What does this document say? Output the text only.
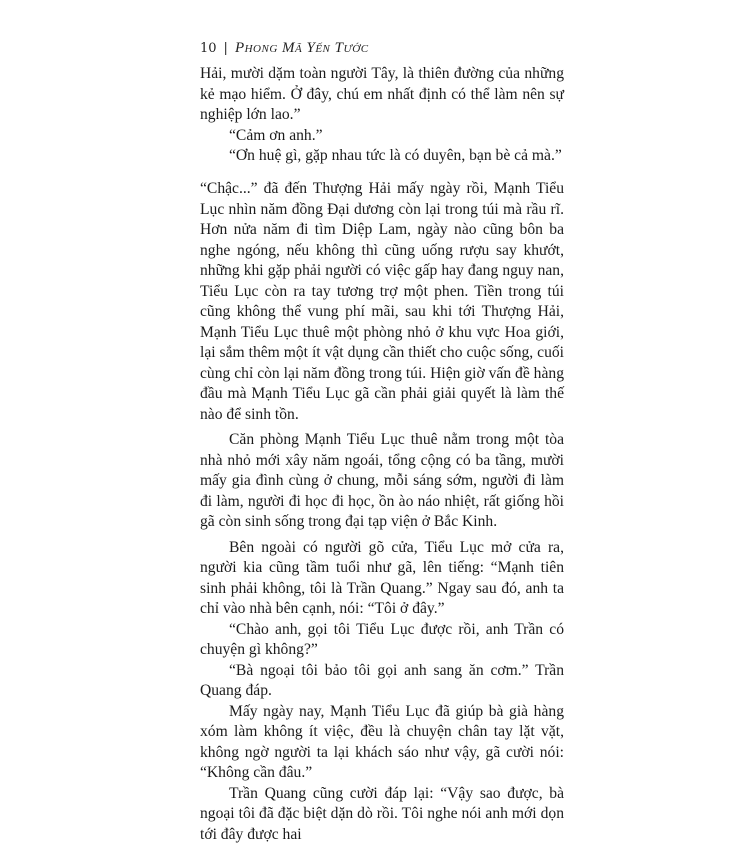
10 | Phong Mã Yến Tước

Hải, mười dặm toàn người Tây, là thiên đường của những kẻ mạo hiểm. Ở đây, chú em nhất định có thể làm nên sự nghiệp lớn lao.”

“Cảm ơn anh.”

“Ơn huệ gì, gặp nhau tức là có duyên, bạn bè cả mà.”

“Chậc...” đã đến Thượng Hải mấy ngày rồi, Mạnh Tiểu Lục nhìn năm đồng Đại dương còn lại trong túi mà rầu rĩ. Hơn nửa năm đi tìm Diệp Lam, ngày nào cũng bôn ba nghe ngóng, nếu không thì cũng uống rượu say khướt, những khi gặp phải người có việc gấp hay đang nguy nan, Tiểu Lục còn ra tay tương trợ một phen. Tiền trong túi cũng không thể vung phí mãi, sau khi tới Thượng Hải, Mạnh Tiểu Lục thuê một phòng nhỏ ở khu vực Hoa giới, lại sắm thêm một ít vật dụng cần thiết cho cuộc sống, cuối cùng chỉ còn lại năm đồng trong túi. Hiện giờ vấn đề hàng đầu mà Mạnh Tiểu Lục gã cần phải giải quyết là làm thế nào để sinh tồn.

Căn phòng Mạnh Tiểu Lục thuê nằm trong một tòa nhà nhỏ mới xây năm ngoái, tổng cộng có ba tầng, mười mấy gia đình cùng ở chung, mỗi sáng sớm, người đi làm đi làm, người đi học đi học, ồn ào náo nhiệt, rất giống hồi gã còn sinh sống trong đại tạp viện ở Bắc Kinh.

Bên ngoài có người gõ cửa, Tiểu Lục mở cửa ra, người kia cũng tầm tuổi như gã, lên tiếng: “Mạnh tiên sinh phải không, tôi là Trần Quang.” Ngay sau đó, anh ta chỉ vào nhà bên cạnh, nói: “Tôi ở đây.”

“Chào anh, gọi tôi Tiểu Lục được rồi, anh Trần có chuyện gì không?”

“Bà ngoại tôi bảo tôi gọi anh sang ăn cơm.” Trần Quang đáp.

Mấy ngày nay, Mạnh Tiểu Lục đã giúp bà già hàng xóm làm không ít việc, đều là chuyện chân tay lặt vặt, không ngờ người ta lại khách sáo như vậy, gã cười nói: “Không cần đâu.”

Trần Quang cũng cười đáp lại: “Vậy sao được, bà ngoại tôi đã đặc biệt dặn dò rồi. Tôi nghe nói anh mới dọn tới đây được hai
